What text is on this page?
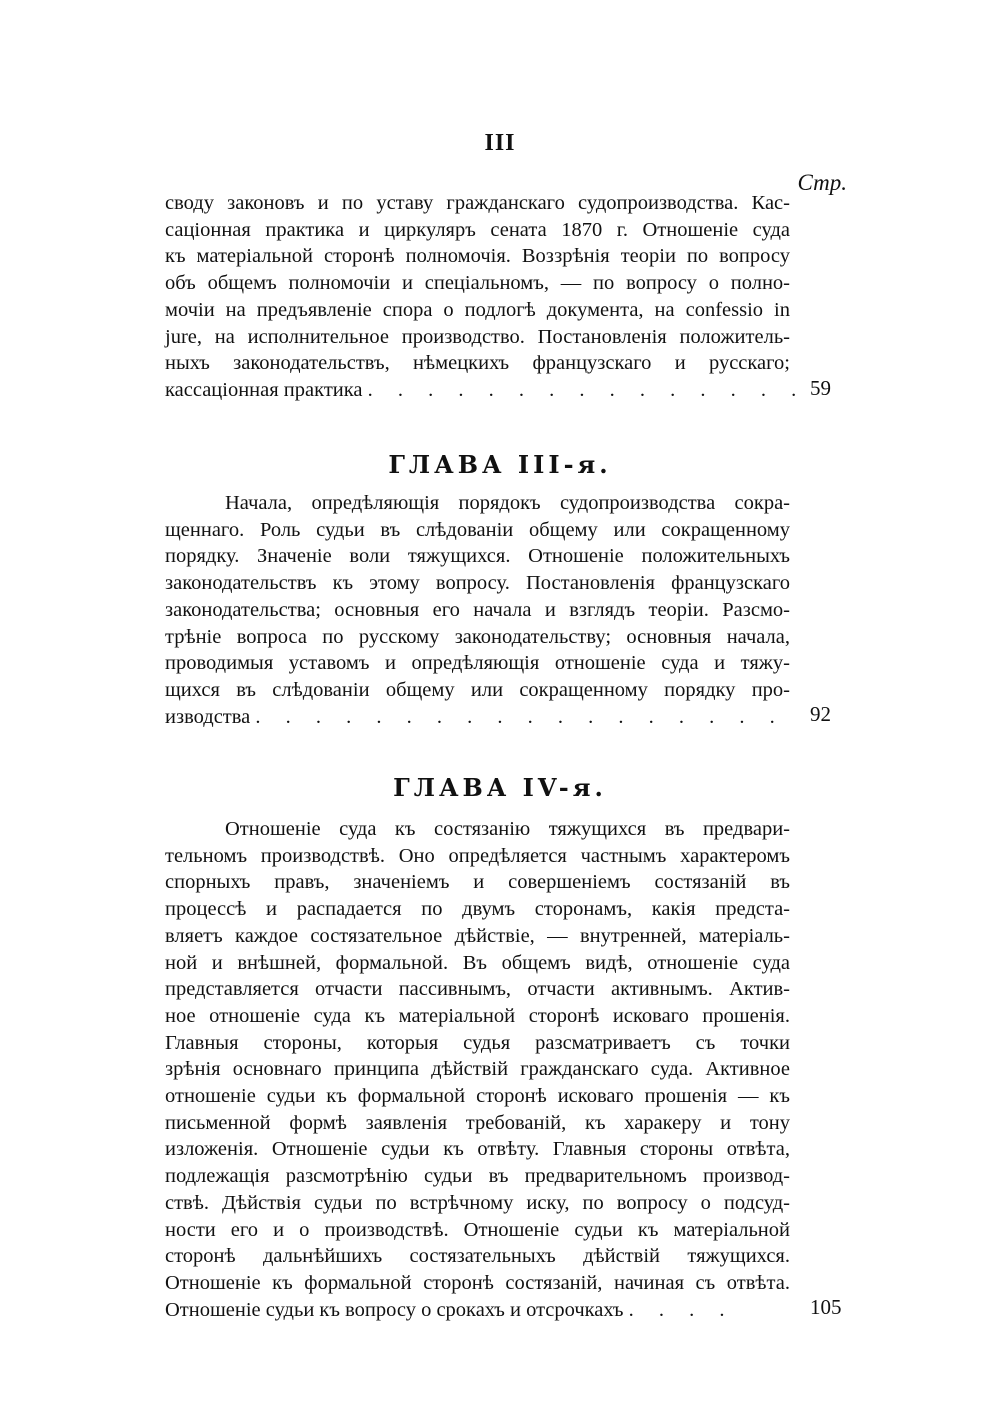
III
Стр.
своду законовъ и по уставу гражданскаго судопроизводства. Кас-
саціонная практика и циркуляръ сената 1870 г. Отношеніе суда
къ матеріальной сторонѣ полномочія. Воззрѣнія теоріи по вопросу
объ общемъ полномочіи и спеціальномъ, — по вопросу о полно-
мочіи на предъявленіе спора о подлогѣ документа, на confessio in
jure, на исполнительное производство. Постановленія положитель-
ныхъ законодательствъ, нѣмецкихъ французскаго и русскаго;
кассаціонная практика . . . . . . . . . . . . . . . 59
ГЛАВА III-я.
Начала, опредѣляющія порядокъ судопроизводства сокра-
щеннаго. Роль судьи въ слѣдованіи общему или сокращенному
порядку. Значеніе воли тяжущихся. Отношеніе положительныхъ
законодательствъ къ этому вопросу. Постановленія французскаго
законодательства; основныя его начала и взглядъ теоріи. Разсмо-
трѣніе вопроса по русскому законодательству; основныя начала,
проводимыя уставомъ и опредѣляющія отношеніе суда и тяжу-
щихся въ слѣдованіи общему или сокращенному порядку про-
изводства . . . . . . . . . . . . . . . . . . 92
ГЛАВА IV-я.
Отношеніе суда къ состязанію тяжущихся въ предвари-
тельномъ производствѣ. Оно опредѣляется частнымъ характеромъ
спорныхъ правъ, значеніемъ и совершеніемъ состязаній въ
процессѣ и распадается по двумъ сторонамъ, какія предста-
вляетъ каждое состязательное дѣйствіе, — внутренней, матеріаль-
ной и внѣшней, формальной. Въ общемъ видѣ, отношеніе суда
представляется отчасти пассивнымъ, отчасти активнымъ. Актив-
ное отношеніе суда къ матеріальной сторонѣ исковаго прошенія.
Главныя стороны, которыя судья разсматриваетъ съ точки
зрѣнія основнаго принципа дѣйствій гражданскаго суда. Активное
отношеніе судьи къ формальной сторонѣ исковаго прошенія — къ
письменной формѣ заявленія требованій, къ харакеру и тону
изложенія. Отношеніе судьи къ отвѣту. Главныя стороны отвѣта,
подлежащія разсмотрѣнію судьи въ предварительномъ производ-
ствѣ. Дѣйствія судьи по встрѣчному иску, по вопросу о подсуд-
ности его и о производствѣ. Отношеніе судьи къ матеріальной
сторонѣ дальнѣйшихъ состязательныхъ дѣйствій тяжущихся.
Отношеніе къ формальной сторонѣ состязаній, начиная съ отвѣта.
Отношеніе судьи къ вопросу о срокахъ и отсрочкахъ . . . .	105
